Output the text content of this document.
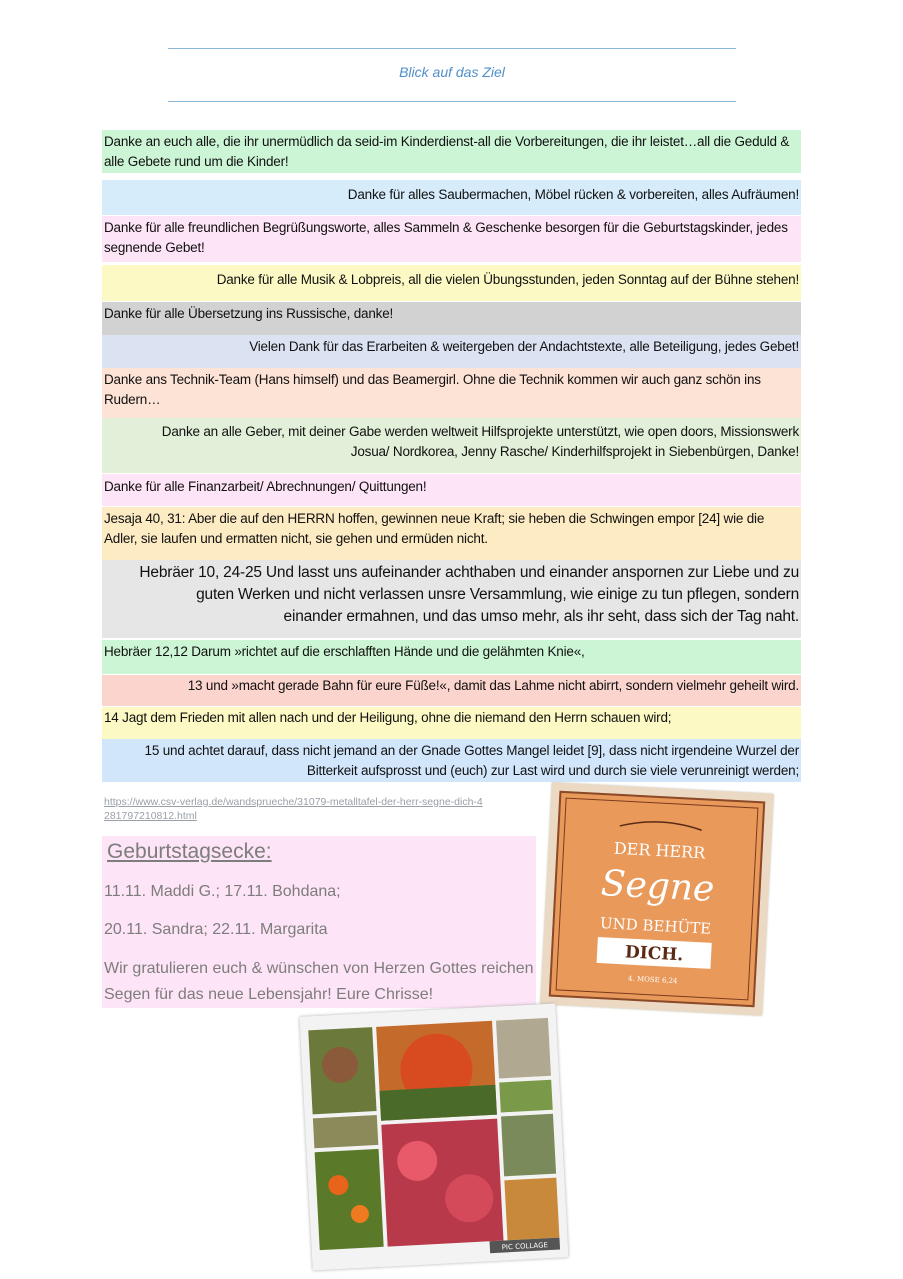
Blick auf das Ziel
Danke an euch alle, die ihr unermüdlich da seid-im Kinderdienst-all die Vorbereitungen, die ihr leistet…all die Geduld & alle Gebete rund um die Kinder!
Danke für alles Saubermachen, Möbel rücken & vorbereiten, alles Aufräumen!
Danke für alle freundlichen Begrüßungsworte, alles Sammeln & Geschenke besorgen für die Geburtstagskinder, jedes segnende Gebet!
Danke für alle Musik & Lobpreis, all die vielen Übungsstunden, jeden Sonntag auf der Bühne stehen!
Danke für alle Übersetzung ins Russische, danke!
Vielen Dank für das Erarbeiten & weitergeben der Andachtstexte, alle Beteiligung, jedes Gebet!
Danke ans Technik-Team (Hans himself) und das Beamergirl. Ohne die Technik kommen wir auch ganz schön ins Rudern…
Danke an alle Geber, mit deiner Gabe werden weltweit Hilfsprojekte unterstützt, wie open doors, Missionswerk Josua/ Nordkorea, Jenny Rasche/ Kinderhilfsprojekt in Siebenbürgen, Danke!
Danke für alle Finanzarbeit/ Abrechnungen/ Quittungen!
Jesaja 40, 31: Aber die auf den HERRN hoffen, gewinnen neue Kraft; sie heben die Schwingen empor [24] wie die Adler, sie laufen und ermatten nicht, sie gehen und ermüden nicht.
Hebräer 10, 24-25 Und lasst uns aufeinander achthaben und einander anspornen zur Liebe und zu guten Werken und nicht verlassen unsre Versammlung, wie einige zu tun pflegen, sondern einander ermahnen, und das umso mehr, als ihr seht, dass sich der Tag naht.
Hebräer 12,12 Darum »richtet auf die erschlafften Hände und die gelähmten Knie«,
13 und »macht gerade Bahn für eure Füße!«, damit das Lahme nicht abirrt, sondern vielmehr geheilt wird.
14 Jagt dem Frieden mit allen nach und der Heiligung, ohne die niemand den Herrn schauen wird;
15 und achtet darauf, dass nicht jemand an der Gnade Gottes Mangel leidet [9], dass nicht irgendeine Wurzel der Bitterkeit aufsprosst und (euch) zur Last wird und durch sie viele verunreinigt werden;
https://www.csv-verlag.de/wandsprueche/31079-metalltafel-der-herr-segne-dich-4281797210812.html
Geburtstagsecke:
11.11. Maddi G.; 17.11. Bohdana;
20.11. Sandra; 22.11. Margarita
Wir gratulieren euch & wünschen von Herzen Gottes reichen
Segen für das neue Lebensjahr! Eure Chrisse!
DER HERR
Segne
UND BEHÜTE
DICH.
4. MOSE 6,24
PIC COLLAGE
